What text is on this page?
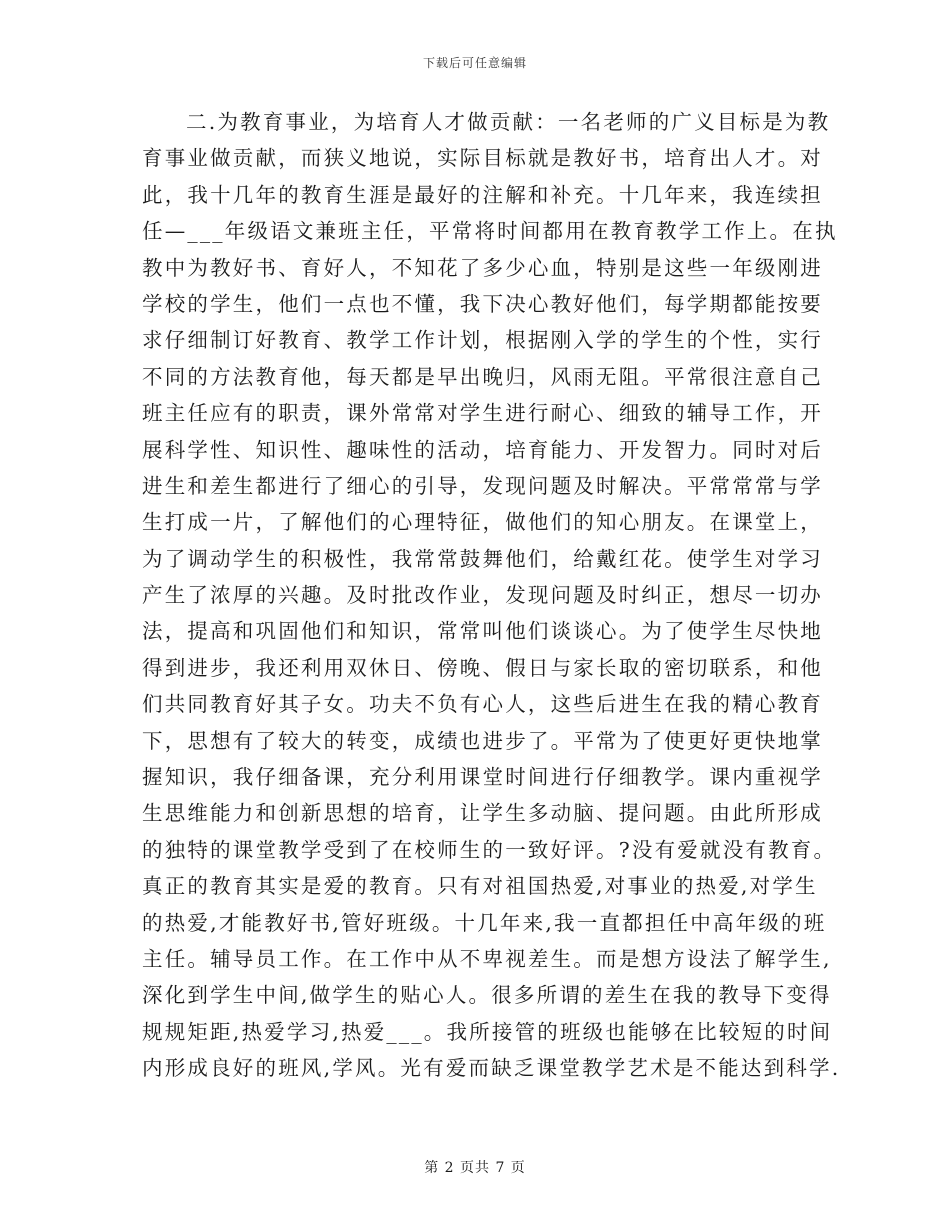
下载后可任意编辑
二.为教育事业，为培育人才做贡献：一名老师的广义目标是为教
育事业做贡献，而狭义地说，实际目标就是教好书，培育出人才。对
此，我十几年的教育生涯是最好的注解和补充。十几年来，我连续担
任—___年级语文兼班主任，平常将时间都用在教育教学工作上。在执
教中为教好书、育好人，不知花了多少心血，特别是这些一年级刚进
学校的学生，他们一点也不懂，我下决心教好他们，每学期都能按要
求仔细制订好教育、教学工作计划，根据刚入学的学生的个性，实行
不同的方法教育他，每天都是早出晚归，风雨无阻。平常很注意自己
班主任应有的职责，课外常常对学生进行耐心、细致的辅导工作，开
展科学性、知识性、趣味性的活动，培育能力、开发智力。同时对后
进生和差生都进行了细心的引导，发现问题及时解决。平常常常与学
生打成一片，了解他们的心理特征，做他们的知心朋友。在课堂上，
为了调动学生的积极性，我常常鼓舞他们，给戴红花。使学生对学习
产生了浓厚的兴趣。及时批改作业，发现问题及时纠正，想尽一切办
法，提高和巩固他们和知识，常常叫他们谈谈心。为了使学生尽快地
得到进步，我还利用双休日、傍晚、假日与家长取的密切联系，和他
们共同教育好其子女。功夫不负有心人，这些后进生在我的精心教育
下，思想有了较大的转变，成绩也进步了。平常为了使更好更快地掌
握知识，我仔细备课，充分利用课堂时间进行仔细教学。课内重视学
生思维能力和创新思想的培育，让学生多动脑、提问题。由此所形成
的独特的课堂教学受到了在校师生的一致好评。?没有爱就没有教育。
真正的教育其实是爱的教育。只有对祖国热爱,对事业的热爱,对学生
的热爱,才能教好书,管好班级。十几年来,我一直都担任中高年级的班
主任。辅导员工作。在工作中从不卑视差生。而是想方设法了解学生,
深化到学生中间,做学生的贴心人。很多所谓的差生在我的教导下变得
规规矩距,热爱学习,热爱___。我所接管的班级也能够在比较短的时间
内形成良好的班风,学风。光有爱而缺乏课堂教学艺术是不能达到科学.
第 2 页共 7 页
